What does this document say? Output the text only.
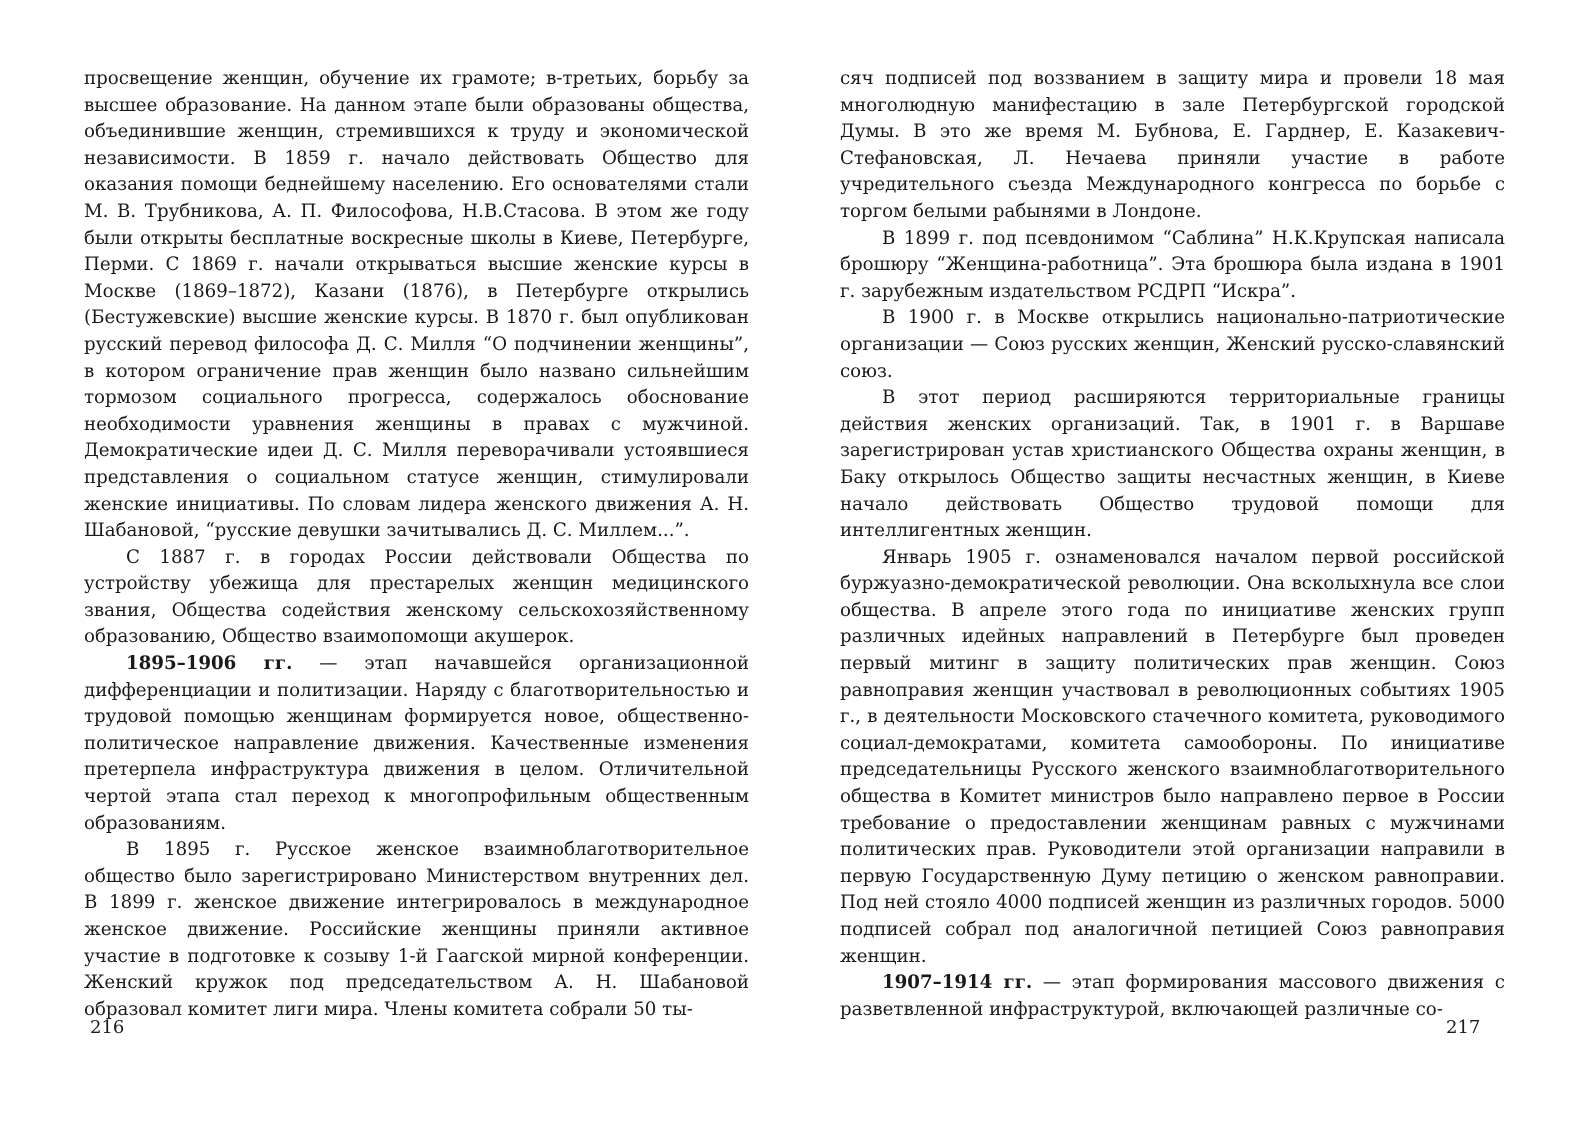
просвещение женщин, обучение их грамоте; в-третьих, борьбу за высшее образование. На данном этапе были образованы общества, объединившие женщин, стремившихся к труду и экономической независимости. В 1859 г. начало действовать Общество для оказания помощи беднейшему населению. Его основателями стали М. В. Трубникова, А. П. Философова, Н.В.Стасова. В этом же году были открыты бесплатные воскресные школы в Киеве, Петербурге, Перми. С 1869 г. начали открываться высшие женские курсы в Москве (1869–1872), Казани (1876), в Петербурге открылись (Бестужевские) высшие женские курсы. В 1870 г. был опубликован русский перевод философа Д. С. Милля “О подчинении женщины”, в котором ограничение прав женщин было названо сильнейшим тормозом социального прогресса, содержалось обоснование необходимости уравнения женщины в правах с мужчиной. Демократические идеи Д. С. Милля переворачивали устоявшиеся представления о социальном статусе женщин, стимулировали женские инициативы. По словам лидера женского движения А. Н. Шабановой, “русские девушки зачитывались Д. С. Миллем...”.

С 1887 г. в городах России действовали Общества по устройству убежища для престарелых женщин медицинского звания, Общества содействия женскому сельскохозяйственному образованию, Общество взаимопомощи акушерок.

1895–1906 гг. — этап начавшейся организационной дифференциации и политизации. Наряду с благотворительностью и трудовой помощью женщинам формируется новое, общественно-политическое направление движения. Качественные изменения претерпела инфраструктура движения в целом. Отличительной чертой этапа стал переход к многопрофильным общественным образованиям.

В 1895 г. Русское женское взаимноблаготворительное общество было зарегистрировано Министерством внутренних дел. В 1899 г. женское движение интегрировалось в международное женское движение. Российские женщины приняли активное участие в подготовке к созыву 1-й Гаагской мирной конференции. Женский кружок под председательством А. Н. Шабановой образовал комитет лиги мира. Члены комитета собрали 50 ты-

216

сяч подписей под воззванием в защиту мира и провели 18 мая многолюдную манифестацию в зале Петербургской городской Думы. В это же время М. Бубнова, Е. Гарднер, Е. Казакевич-Стефановская, Л. Нечаева приняли участие в работе учредительного съезда Международного конгресса по борьбе с торгом белыми рабынями в Лондоне.

В 1899 г. под псевдонимом “Саблина” Н.К.Крупская написала брошюру “Женщина-работница”. Эта брошюра была издана в 1901 г. зарубежным издательством РСДРП “Искра”.

В 1900 г. в Москве открылись национально-патриотические организации — Союз русских женщин, Женский русско-славянский союз.

В этот период расширяются территориальные границы действия женских организаций. Так, в 1901 г. в Варшаве зарегистрирован устав христианского Общества охраны женщин, в Баку открылось Общество защиты несчастных женщин, в Киеве начало действовать Общество трудовой помощи для интеллигентных женщин.

Январь 1905 г. ознаменовался началом первой российской буржуазно-демократической революции. Она всколыхнула все слои общества. В апреле этого года по инициативе женских групп различных идейных направлений в Петербурге был проведен первый митинг в защиту политических прав женщин. Союз равноправия женщин участвовал в революционных событиях 1905 г., в деятельности Московского стачечного комитета, руководимого социал-демократами, комитета самообороны. По инициативе председательницы Русского женского взаимноблаготворительного общества в Комитет министров было направлено первое в России требование о предоставлении женщинам равных с мужчинами политических прав. Руководители этой организации направили в первую Государственную Думу петицию о женском равноправии. Под ней стояло 4000 подписей женщин из различных городов. 5000 подписей собрал под аналогичной петицией Союз равноправия женщин.

1907–1914 гг. — этап формирования массового движения с разветвленной инфраструктурой, включающей различные со-

217
